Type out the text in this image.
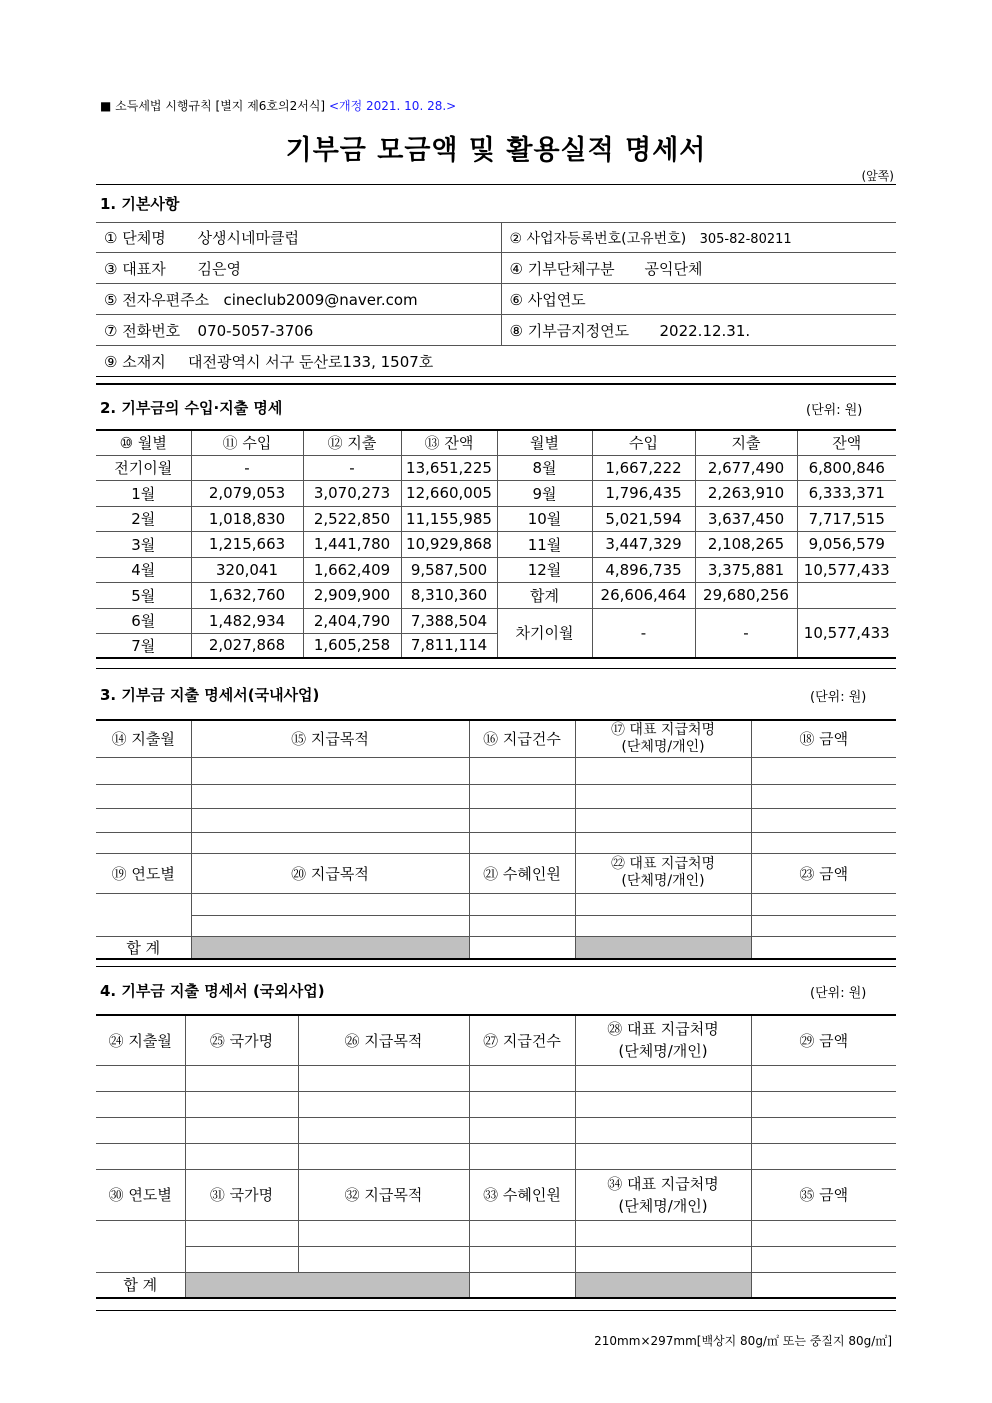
■ 소득세법 시행규칙 [별지 제6호의2서식] <개정 2021. 10. 28.>
기부금 모금액 및 활용실적 명세서
(앞쪽)
1. 기본사항
① 단체명 상생시네마클럽	② 사업자등록번호(고유번호) 305-82-80211
③ 대표자 김은영	④ 기부단체구분 공익단체
⑤ 전자우편주소 cineclub2009@naver.com	⑥ 사업연도
⑦ 전화번호 070-5057-3706	⑧ 기부금지정연도 2022.12.31.
⑨ 소재지 대전광역시 서구 둔산로133, 1507호	
2. 기부금의 수입·지출 명세	(단위: 원)
⑩ 월별	⑪ 수입	⑫ 지출	⑬ 잔액	월별	수입	지출	잔액
전기이월	-	-	13,651,225	8월	1,667,222	2,677,490	6,800,846
1월	2,079,053	3,070,273	12,660,005	9월	1,796,435	2,263,910	6,333,371
2월	1,018,830	2,522,850	11,155,985	10월	5,021,594	3,637,450	7,717,515
3월	1,215,663	1,441,780	10,929,868	11월	3,447,329	2,108,265	9,056,579
4월	320,041	1,662,409	9,587,500	12월	4,896,735	3,375,881	10,577,433
5월	1,632,760	2,909,900	8,310,360	합계	26,606,464	29,680,256	
6월	1,482,934	2,404,790	7,388,504	차기이월	-	-	10,577,433
7월	2,027,868	1,605,258	7,811,114				
3. 기부금 지출 명세서(국내사업)	(단위: 원)
⑭ 지출월	⑮ 지급목적	⑯ 지급건수	⑰ 대표 지급처명
(단체명/개인)	⑱ 금액

⑲ 연도별	⑳ 지급목적	㉑ 수혜인원	㉒ 대표 지급처명
(단체명/개인)	㉓ 금액

합 계				
4. 기부금 지출 명세서 (국외사업)	(단위: 원)
㉔ 지출월	㉕ 국가명	㉖ 지급목적	㉗ 지급건수	㉘ 대표 지급처명
(단체명/개인)	㉙ 금액

㉚ 연도별	㉛ 국가명	㉜ 지급목적	㉝ 수혜인원	㉞ 대표 지급처명
(단체명/개인)	㉟ 금액

합 계					
210mm×297mm[백상지 80g/㎡ 또는 중질지 80g/㎡]
